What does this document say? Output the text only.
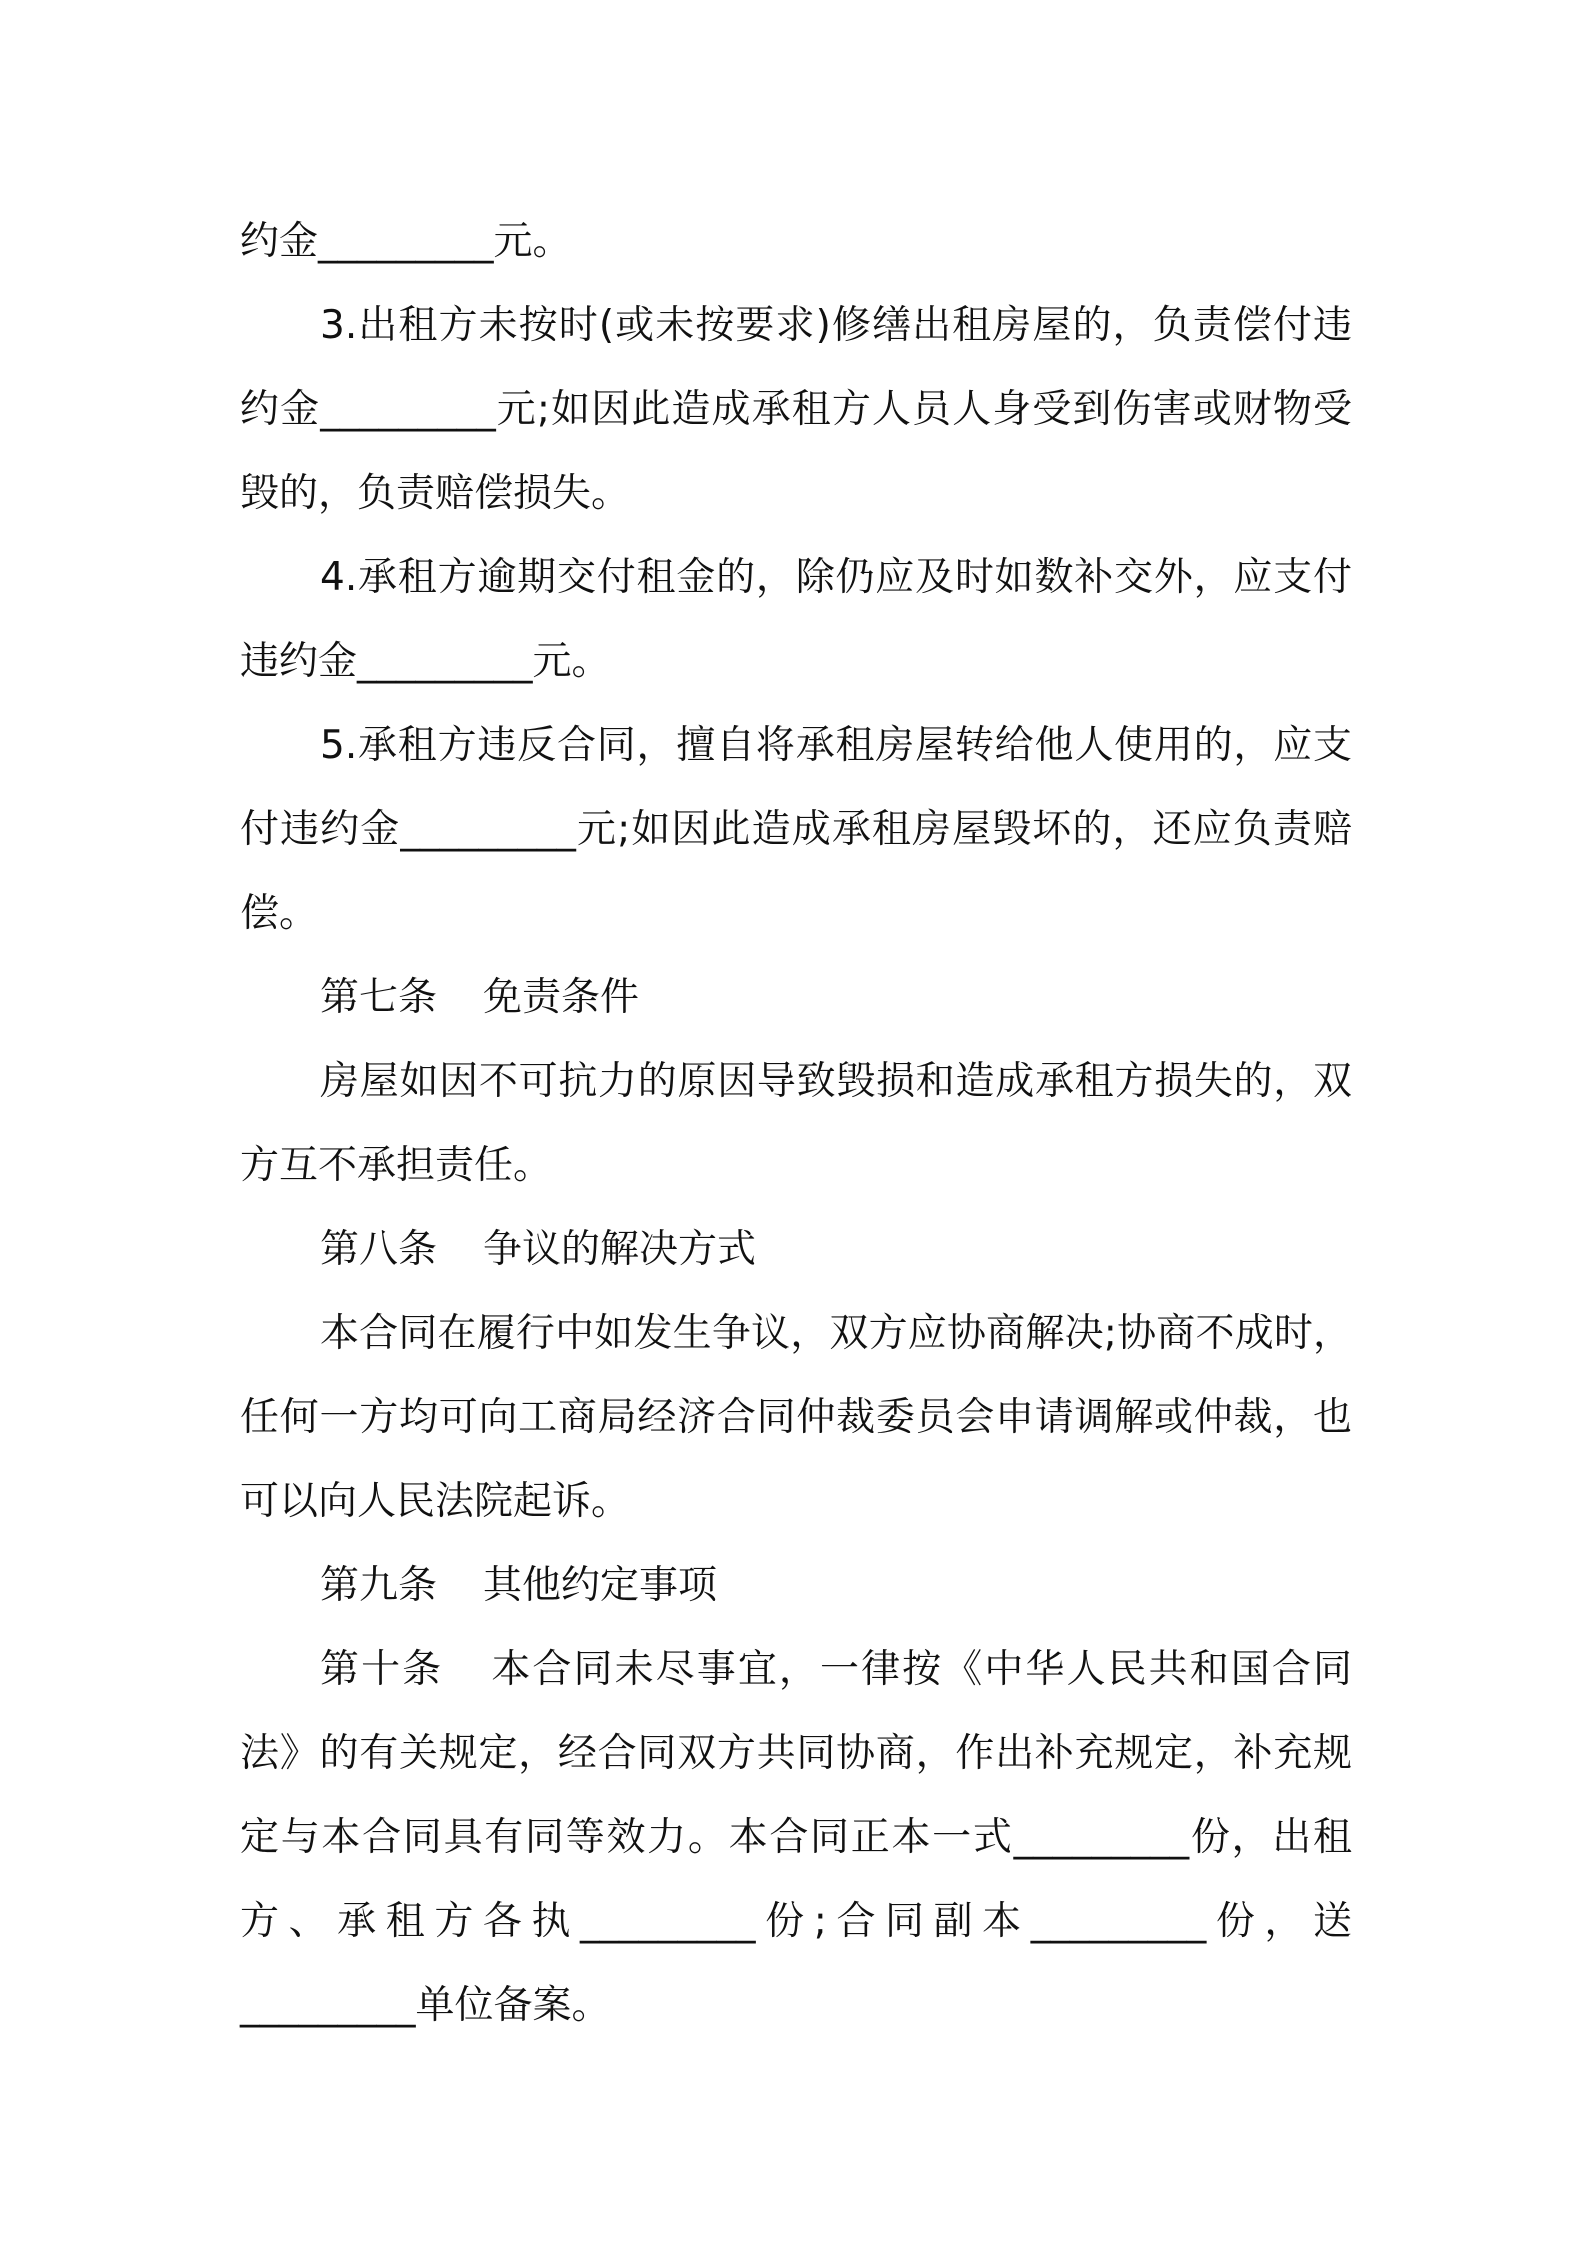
约金_________元。

3.出租方未按时(或未按要求)修缮出租房屋的，负责偿付违约金_________元;如因此造成承租方人员人身受到伤害或财物受毁的，负责赔偿损失。

4.承租方逾期交付租金的，除仍应及时如数补交外，应支付违约金_________元。

5.承租方违反合同，擅自将承租房屋转给他人使用的，应支付违约金_________元;如因此造成承租房屋毁坏的，还应负责赔偿。

第七条 免责条件

房屋如因不可抗力的原因导致毁损和造成承租方损失的，双方互不承担责任。

第八条 争议的解决方式

本合同在履行中如发生争议，双方应协商解决;协商不成时，任何一方均可向工商局经济合同仲裁委员会申请调解或仲裁，也可以向人民法院起诉。

第九条 其他约定事项

第十条 本合同未尽事宜，一律按《中华人民共和国合同法》的有关规定，经合同双方共同协商，作出补充规定，补充规定与本合同具有同等效力。本合同正本一式_________份，出租方、承租方各执_________份;合同副本_________份，送_________单位备案。
